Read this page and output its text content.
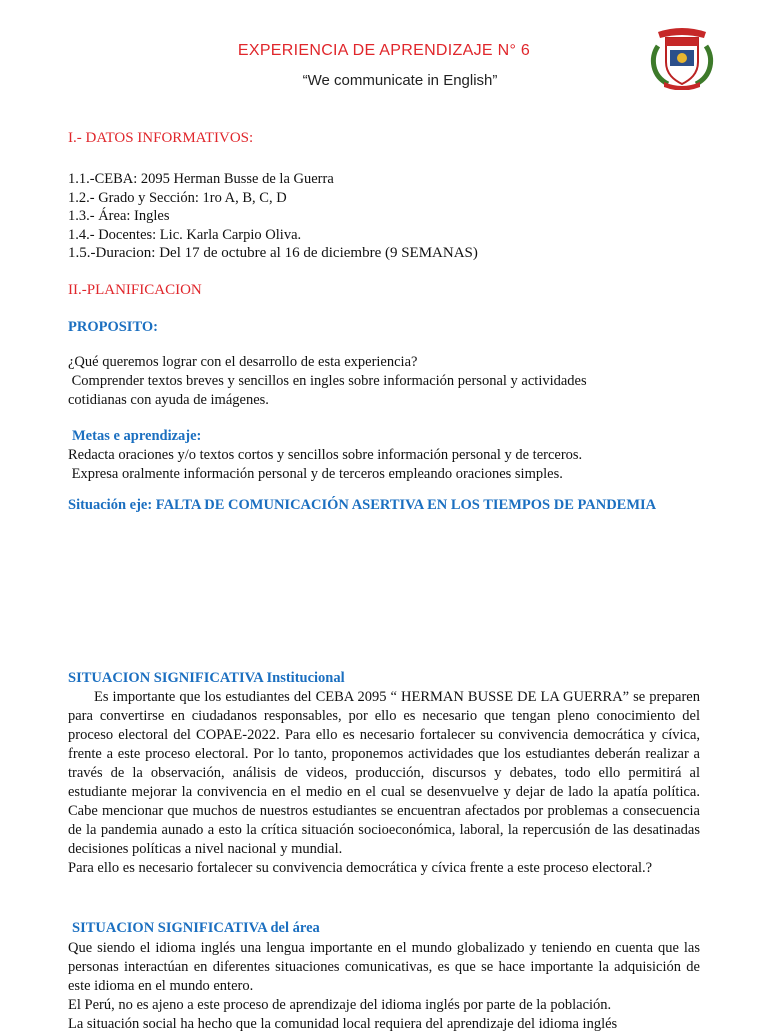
EXPERIENCIA DE APRENDIZAJE N° 6
“We communicate in English”
I.- DATOS INFORMATIVOS:
1.1.-CEBA: 2095 Herman Busse de la Guerra
1.2.- Grado y Sección: 1ro A, B, C, D
1.3.- Área: Ingles
1.4.- Docentes: Lic. Karla Carpio Oliva.
1.5.-Duracion: Del 17 de octubre al 16 de diciembre (9 SEMANAS)
II.-PLANIFICACION
PROPOSITO:
¿Qué queremos lograr con el desarrollo de esta experiencia?
Comprender textos breves y sencillos en ingles sobre información personal y actividades
cotidianas con ayuda de imágenes.
Metas e aprendizaje:
Redacta oraciones y/o textos cortos y sencillos sobre información personal y de terceros.
Expresa oralmente información personal y de terceros empleando oraciones simples.
Situación eje: FALTA DE COMUNICACIÓN ASERTIVA EN LOS TIEMPOS DE PANDEMIA
SITUACION SIGNIFICATIVA Institucional

Es importante que los estudiantes del CEBA 2095 “ HERMAN BUSSE DE LA GUERRA” se preparen para convertirse en ciudadanos responsables, por ello es necesario que tengan pleno conocimiento del proceso electoral del COPAE-2022. Para ello es necesario fortalecer su convivencia democrática y cívica, frente a este proceso electoral. Por lo tanto, proponemos actividades que los estudiantes deberán realizar a través de la observación, análisis de videos, producción, discursos y debates, todo ello permitirá al estudiante mejorar la convivencia en el medio en el cual se desenvuelve y dejar de lado la apatía política. Cabe mencionar que muchos de nuestros estudiantes se encuentran afectados por problemas a consecuencia de la pandemia aunado a esto la crítica situación socioeconómica, laboral, la repercusión de las desatinadas decisiones políticas a nivel nacional y mundial.

Para ello es necesario fortalecer su convivencia democrática y cívica frente a este proceso electoral.?

SITUACION SIGNIFICATIVA del área

Que siendo el idioma inglés una lengua importante en el mundo globalizado y teniendo en cuenta que las personas interactúan en diferentes situaciones comunicativas, es que se hace importante la adquisición de este idioma en el mundo entero.

El Perú, no es ajeno a este proceso de aprendizaje del idioma inglés por parte de la población.

La situación social ha hecho que la comunidad local requiera del aprendizaje del idioma inglés
